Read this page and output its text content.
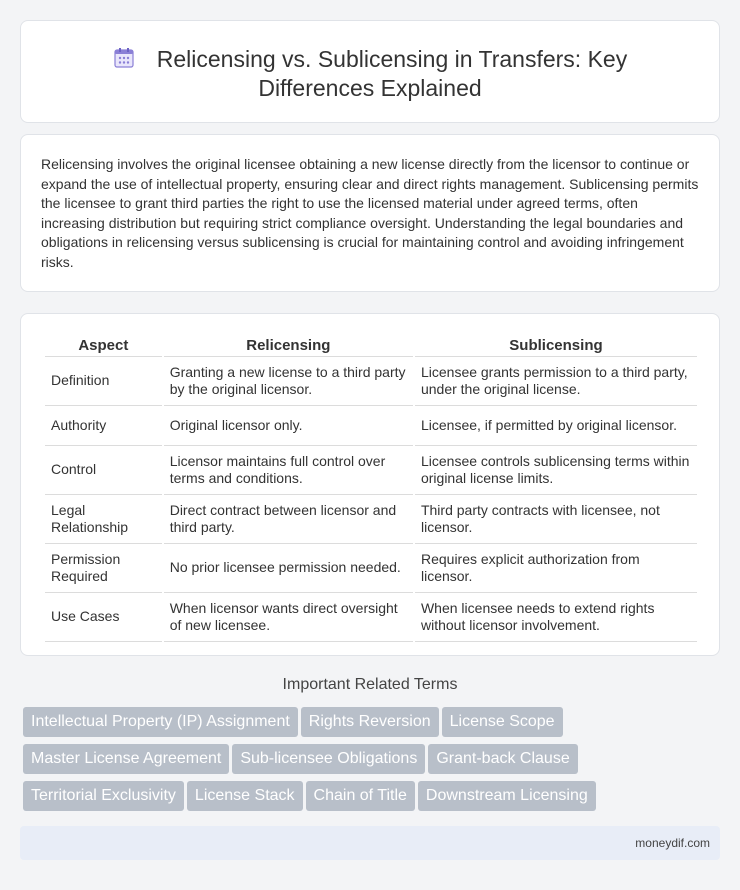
Relicensing vs. Sublicensing in Transfers: Key
Differences Explained

Relicensing involves the original licensee obtaining a new license directly from the licensor to continue or expand the use of intellectual property, ensuring clear and direct rights management. Sublicensing permits the licensee to grant third parties the right to use the licensed material under agreed terms, often increasing distribution but requiring strict compliance oversight. Understanding the legal boundaries and obligations in relicensing versus sublicensing is crucial for maintaining control and avoiding infringement risks.

Aspect	Relicensing	Sublicensing
Definition	Granting a new license to a third party by the original licensor.	Licensee grants permission to a third party, under the original license.
Authority	Original licensor only.	Licensee, if permitted by original licensor.
Control	Licensor maintains full control over terms and conditions.	Licensee controls sublicensing terms within original license limits.
Legal Relationship	Direct contract between licensor and third party.	Third party contracts with licensee, not licensor.
Permission Required	No prior licensee permission needed.	Requires explicit authorization from licensor.
Use Cases	When licensor wants direct oversight of new licensee.	When licensee needs to extend rights without licensor involvement.
Important Related Terms
Intellectual Property (IP) Assignment Rights Reversion License Scope
Master License Agreement Sub-licensee Obligations Grant-back Clause
Territorial Exclusivity License Stack Chain of Title Downstream Licensing
moneydif.com
